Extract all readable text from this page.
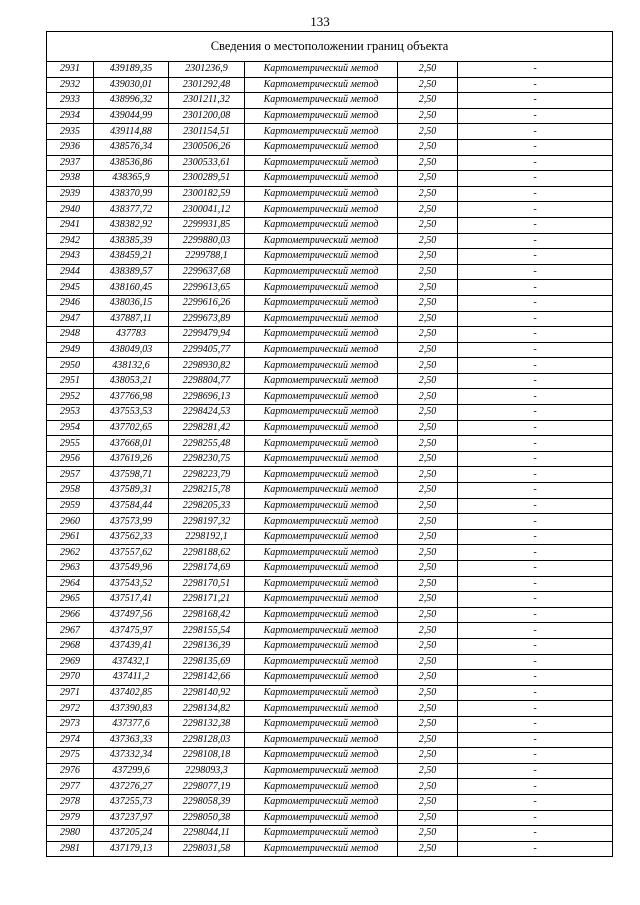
133
Сведения о местоположении границ объекта					
2931	439189,35	2301236,9	Картометрический метод	2,50	-
2932	439030,01	2301292,48	Картометрический метод	2,50	-
2933	438996,32	2301211,32	Картометрический метод	2,50	-
2934	439044,99	2301200,08	Картометрический метод	2,50	-
2935	439114,88	2301154,51	Картометрический метод	2,50	-
2936	438576,34	2300506,26	Картометрический метод	2,50	-
2937	438536,86	2300533,61	Картометрический метод	2,50	-
2938	438365,9	2300289,51	Картометрический метод	2,50	-
2939	438370,99	2300182,59	Картометрический метод	2,50	-
2940	438377,72	2300041,12	Картометрический метод	2,50	-
2941	438382,92	2299931,85	Картометрический метод	2,50	-
2942	438385,39	2299880,03	Картометрический метод	2,50	-
2943	438459,21	2299788,1	Картометрический метод	2,50	-
2944	438389,57	2299637,68	Картометрический метод	2,50	-
2945	438160,45	2299613,65	Картометрический метод	2,50	-
2946	438036,15	2299616,26	Картометрический метод	2,50	-
2947	437887,11	2299673,89	Картометрический метод	2,50	-
2948	437783	2299479,94	Картометрический метод	2,50	-
2949	438049,03	2299405,77	Картометрический метод	2,50	-
2950	438132,6	2298930,82	Картометрический метод	2,50	-
2951	438053,21	2298804,77	Картометрический метод	2,50	-
2952	437766,98	2298696,13	Картометрический метод	2,50	-
2953	437553,53	2298424,53	Картометрический метод	2,50	-
2954	437702,65	2298281,42	Картометрический метод	2,50	-
2955	437668,01	2298255,48	Картометрический метод	2,50	-
2956	437619,26	2298230,75	Картометрический метод	2,50	-
2957	437598,71	2298223,79	Картометрический метод	2,50	-
2958	437589,31	2298215,78	Картометрический метод	2,50	-
2959	437584,44	2298205,33	Картометрический метод	2,50	-
2960	437573,99	2298197,32	Картометрический метод	2,50	-
2961	437562,33	2298192,1	Картометрический метод	2,50	-
2962	437557,62	2298188,62	Картометрический метод	2,50	-
2963	437549,96	2298174,69	Картометрический метод	2,50	-
2964	437543,52	2298170,51	Картометрический метод	2,50	-
2965	437517,41	2298171,21	Картометрический метод	2,50	-
2966	437497,56	2298168,42	Картометрический метод	2,50	-
2967	437475,97	2298155,54	Картометрический метод	2,50	-
2968	437439,41	2298136,39	Картометрический метод	2,50	-
2969	437432,1	2298135,69	Картометрический метод	2,50	-
2970	437411,2	2298142,66	Картометрический метод	2,50	-
2971	437402,85	2298140,92	Картометрический метод	2,50	-
2972	437390,83	2298134,82	Картометрический метод	2,50	-
2973	437377,6	2298132,38	Картометрический метод	2,50	-
2974	437363,33	2298128,03	Картометрический метод	2,50	-
2975	437332,34	2298108,18	Картометрический метод	2,50	-
2976	437299,6	2298093,3	Картометрический метод	2,50	-
2977	437276,27	2298077,19	Картометрический метод	2,50	-
2978	437255,73	2298058,39	Картометрический метод	2,50	-
2979	437237,97	2298050,38	Картометрический метод	2,50	-
2980	437205,24	2298044,11	Картометрический метод	2,50	-
2981	437179,13	2298031,58	Картометрический метод	2,50	-
